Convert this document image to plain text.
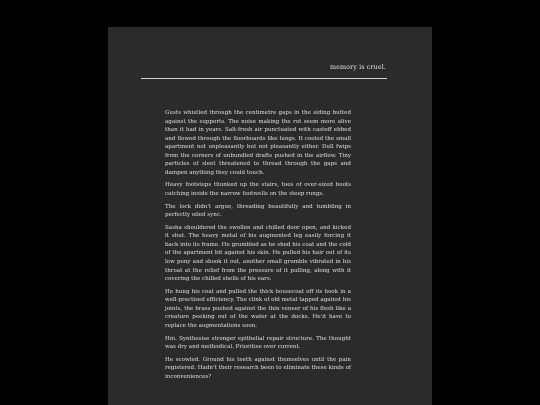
memory is cruel.

Gusts whistled through the centimetre gaps in the siding butted against the supports. The noise making the rot seem more alive than it had in years. Salt-fresh air punctuated with castoff ebbed and flowed through the floorboards like lungs. It cooled the small apartment not unpleasantly but not pleasantly either. Dull fwips from the corners of unbundled drafts pushed in the airflow. Tiny particles of sleet threatened to thread through the gaps and dampen anything they could touch.

Heavy footsteps thunked up the stairs, toes of over-sized boots catching inside the narrow footwells on the steep rungs.

The lock didn't argue, threading beautifully and tumbling in perfectly oiled sync.

Sasha shouldered the swollen and chilled door open, and kicked it shut. The heavy metal of his augmented leg easily forcing it back into its frame. He grumbled as he shed his coat and the cold of the apartment bit against his skin. He pulled his hair out of its low pony and shook it out, another small grumble vibrated in his throat at the relief from the pressure of it pulling, along with it covering the chilled shells of his ears.

He hung his coat and pulled the thick housecoat off its hook in a well-practised efficiency. The clink of old metal tapped against his joints, the brass pushed against the thin veneer of his flesh like a creature peeking out of the water at the docks. He'd have to replace the augmentations soon.

Hm. Synthesise stronger epithelial repair structure. The thought was dry and methodical. Prioritise over current.

He scowled. Ground his teeth against themselves until the pain registered. Hadn't their research been to eliminate these kinds of inconveniences?
